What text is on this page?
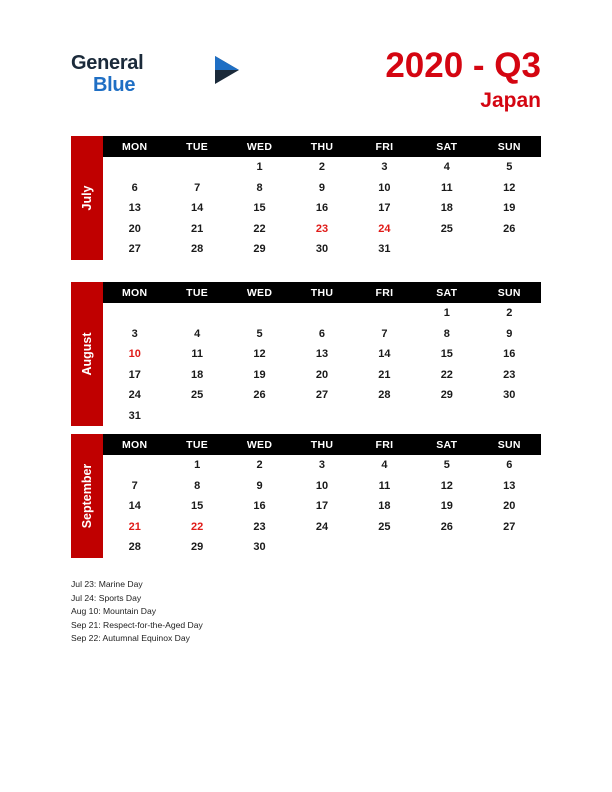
General
Blue	2020 - Q3
Japan
July
MON	TUE	WED	THU	FRI	SAT	SUN
		1	2	3	4	5
6	7	8	9	10	11	12
13	14	15	16	17	18	19
20	21	22	23	24	25	26
27	28	29	30	31		
August
MON	TUE	WED	THU	FRI	SAT	SUN
					1	2
3	4	5	6	7	8	9
10	11	12	13	14	15	16
17	18	19	20	21	22	23
24	25	26	27	28	29	30
31						
September
MON	TUE	WED	THU	FRI	SAT	SUN
	1	2	3	4	5	6
7	8	9	10	11	12	13
14	15	16	17	18	19	20
21	22	23	24	25	26	27
28	29	30				
Jul 23: Marine Day
Jul 24: Sports Day
Aug 10: Mountain Day
Sep 21: Respect-for-the-Aged Day
Sep 22: Autumnal Equinox Day
